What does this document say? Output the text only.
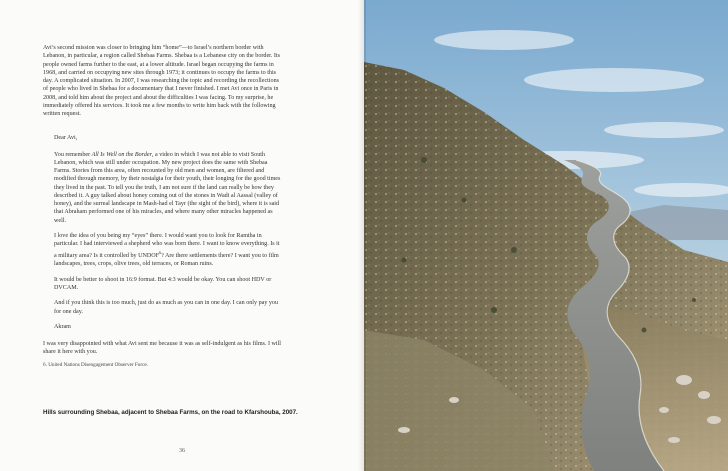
Avi’s second mission was closer to bringing him “home”—to Israel’s northern border with Lebanon, in particular, a region called Shebaa Farms. Shebaa is a Lebanese city on the border. Its people owned farms further to the east, at a lower altitude. Israel began occupying the farms in 1968, and carried on occupying new sites through 1973; it continues to occupy the farms to this day. A complicated situation. In 2007, I was researching the topic and recording the recollections of people who lived in Shebaa for a documentary that I never finished. I met Avi once in Paris in 2008, and told him about the project and about the difficulties I was facing. To my surprise, he immediately offered his services. It took me a few months to write him back with the following written request.

Dear Avi,

You remember All Is Well on the Border, a video in which I was not able to visit South Lebanon, which was still under occupation. My new project does the same with Shebaa Farms. Stories from this area, often recounted by old men and women, are filtered and modified through memory, by their nostalgia for their youth, their longing for the good times they lived in the past. To tell you the truth, I am not sure if the land can really be how they described it. A guy talked about honey coming out of the stones in Wadi al Aassal (valley of honey), and the surreal landscape in Mash-had el Tayr (the sight of the bird), where it is said that Abraham performed one of his miracles, and where many other miracles happened as well.

I love the idea of you being my “eyes” there. I would want you to look for Ramtha in particular. I had interviewed a shepherd who was born there. I want to know everything. Is it a military area? Is it controlled by UNDOF$^6$? Are there settlements there? I want you to film landscapes, trees, crops, olive trees, old terraces, or Roman ruins.

It would be better to shoot in 16:9 format. But 4:3 would be okay. You can shoot HDV or DVCAM.

And if you think this is too much, just do as much as you can in one day. I can only pay you for one day.

Akram

I was very disappointed with what Avi sent me because it was as self-indulgent as his films. I will share it here with you.

6. United Nations Disengagement Observer Force.
Hills surrounding Shebaa, adjacent to Shebaa Farms, on the road to Kfarshouba, 2007.
36
